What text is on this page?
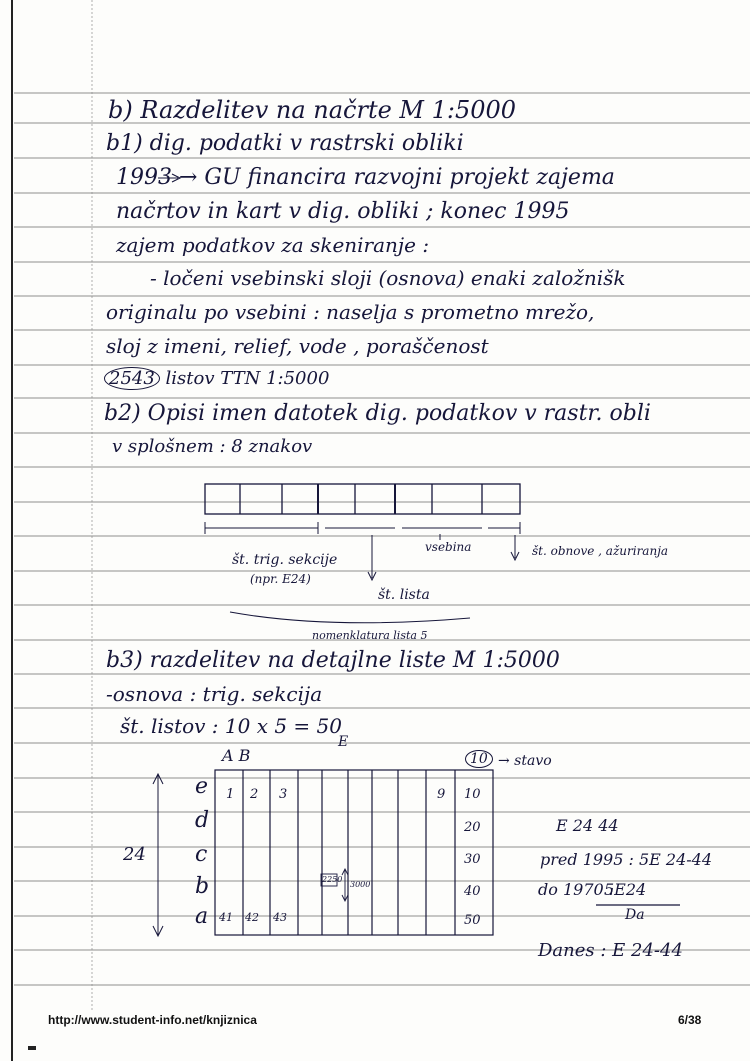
b) Razdelitev na načrte M 1:5000
b1) dig. podatki v rastrski obliki
1993 → GU financira razvojni projekt zajema
načrtov in kart v dig. obliki ; konec 1995
zajem podatkov za skeniranje :
- ločeni vsebinski sloji (osnova) enaki založnišk
originalu po vsebini : naselja s prometno mrežo,
sloj z imeni, relief, vode , poraščenost
2543 listov TTN 1:5000
b2) Opisi imen datotek dig. podatkov v rastr. obli
v splošnem : 8 znakov
št. trig. sekcije
(npr. E24)
vsebina	št. obnove , ažuriranja
št. lista
nomenklatura lista 5
b3) razdelitev na detajlne liste M 1:5000
-osnova : trig. sekcija
št. listov : 10 x 5 = 50
A B
E
10 → stavo
e
d
c
b
a
24
1 2 3	9 10
20
30
40
50
41 42 43
2250
3000
E 24 44
pred 1995 : 5E 24-44
do 1970 :
5E24
Da
Danes : E 24-44
http://www.student-info.net/knjiznica	6/38
